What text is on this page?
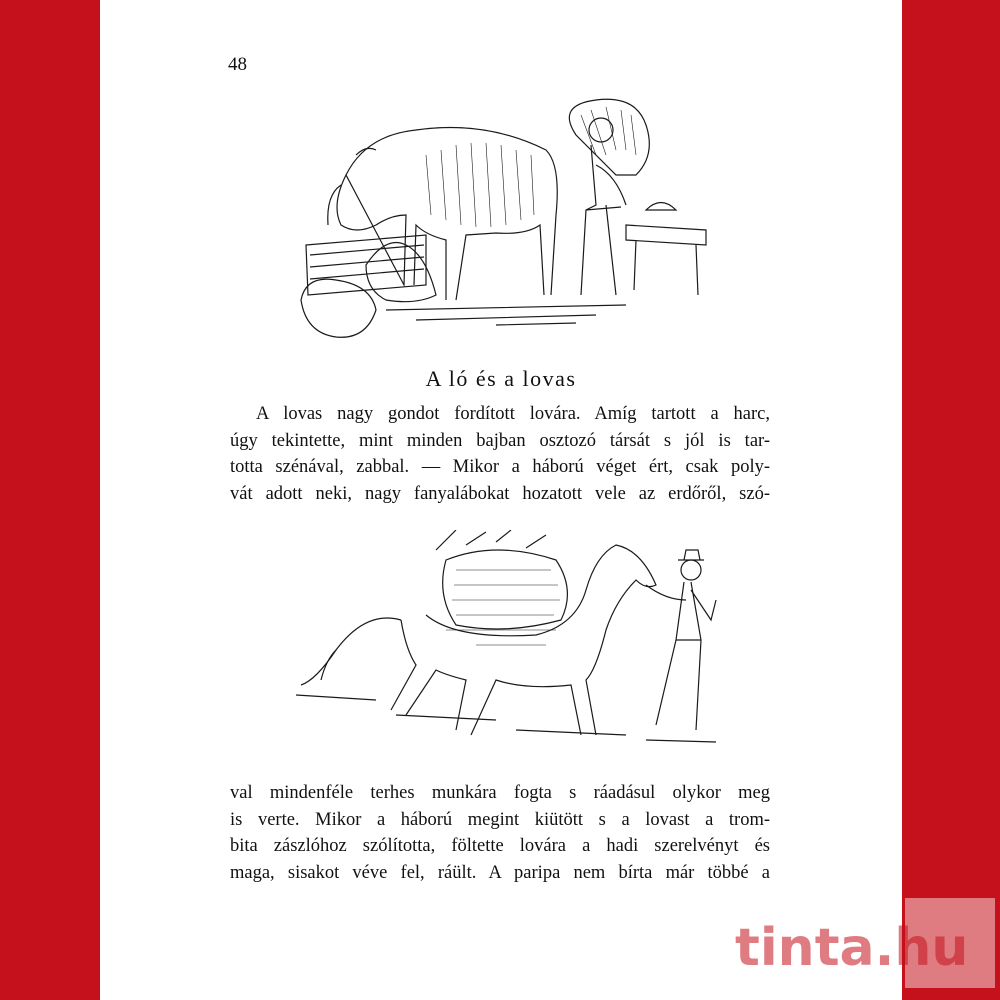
48
A ló és a lovas
A lovas nagy gondot fordított lovára. Amíg tartott a harc,
úgy tekintette, mint minden bajban osztozó társát s jól is tar-
totta szénával, zabbal. — Mikor a háború véget ért, csak poly-
vát adott neki, nagy fanyalábokat hozatott vele az erdőről, szó-
val mindenféle terhes munkára fogta s ráadásul olykor meg
is verte. Mikor a háború megint kiütött s a lovast a trom-
bita zászlóhoz szólította, föltette lovára a hadi szerelvényt és
maga, sisakot véve fel, ráült. A paripa nem bírta már többé a
tinta.hu
